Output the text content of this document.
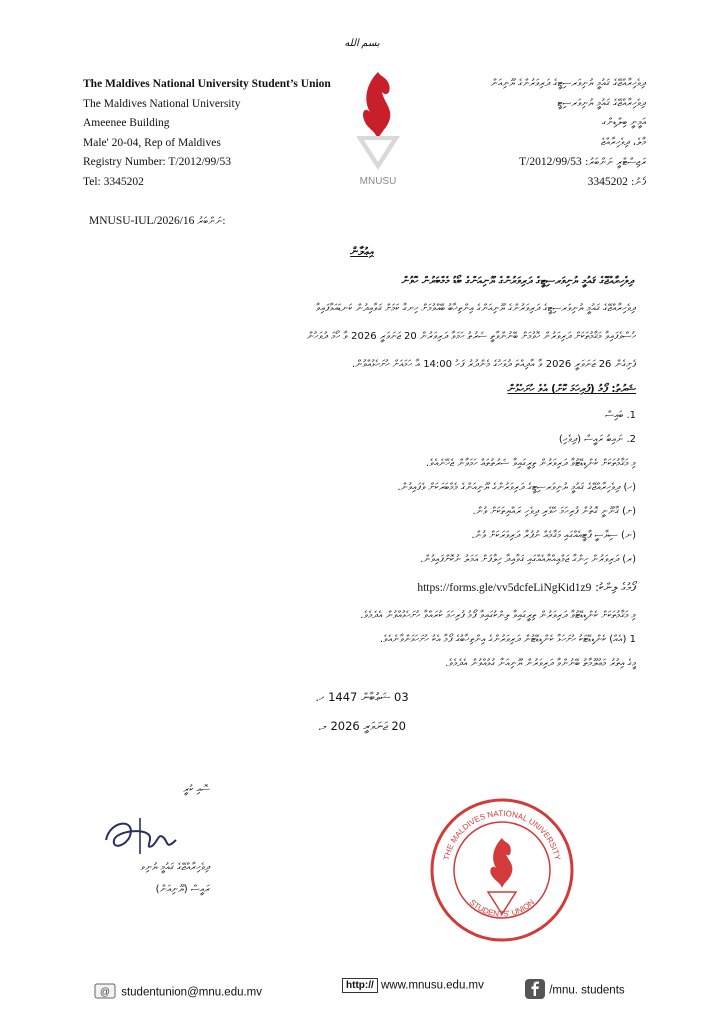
بسم الله
The Maldives National University Student’s Union
The Maldives National University
Ameenee Building
Male' 20-04, Rep of Maldives
Registry Number: T/2012/99/53
Tel: 3345202	MNUSU
ދިވެހިރާއްޖޭގެ ޤައުމީ ޔުނިވަރސިޓީގެ ދަރިވަރުންގެ ޔޫނިއަން
ދިވެހިރާއްޖޭގެ ޤައުމީ ޔުނިވަރސިޓީ
އަމީނީ ބިލްޑިންގ
މާލެ، ދިވެހިރާއްޖެ
ރަޖިސްޓްރީ ނަންބަރު: T/2012/99/53
ފޯނު: 3345202
MNUSU-IUL/2026/16 ނަންބަރު:
އިޢުލާން
ދިވެހިރާއްޖޭގެ ޤައުމީ ޔުނިވަރސިޓީގެ ދަރިވަރުންގެ ޔޫނިއަންގެ ބޯޑު މެމްބަރުން ހޮވުން
ދިވެހިރާއްޖޭގެ ޤައުމީ ޔުނިވަރސިޓީގެ ދަރިވަރުންގެ ޔޫނިއަންގެ އިންތިޚާބު ބޭއްވުމަށް ހިނގާ ކަމަށް ޤަވާއިދުން ކަނޑައަޅާފައިވާ
ހުސްވެފައިވާ މަޤާމުތަކަށް ދަރިވަރުން ހޮވުމަށް ބޭނުންވާތީ ޝަރުތު ހަމަވާ ދަރިވަރުން 20 ޖަނަވަރީ 2026 ވާ ހޯމަ ދުވަހުން
ފެށިގެން 26 ޖަނަވަރީ 2026 ވާ އާދިއްތަ ދުވަހުގެ މެންދުރު ފަހު 14:00 އާ ހަމައަށް ހުށަހެޅުއްވުން.
ޝަރުތު: ފޯމު (ފުރިހަމަ ކޮށް) އެވެ ހުށަހެޅުން
1. ބައިސް
2. ނައިބު ރައީސް (ދިވެހި)
މި މަޤާމުތަކަށް ކެންޑިޑޭޓުވާ ދަރިވަރުން ތިރީގައިވާ ޝަރުތުތައް ހަމަވާން ޖެހޭނެއެވެ.
(ހ) ދިވެހިރާއްޖޭގެ ޤައުމީ ޔުނިވަރސިޓީގެ ދަރިވަރުންގެ ޔޫނިއަންގެ މެމްބަރަކަށް ވެފައިވުން.
(ށ) ޤާނޫނީ ގޮތުން ފުރިހަމަ ހޭވެރި ދިވެހި ރައްޔިތަކަށް ވުން.
(ނ) ސިޔާސީ ޕާޓީއެއްގައި މަޤާމެއް ނުފުރާ ދަރިވަރަކަށް ވުން.
(ރ) ދަރިވަރުން ހިންގާ ޖަމްޢިއްޔާއެއްގައި ޤަވާއިދާ ޚިލާފަށް އަމަލު ނުކޮށްފައިވުން.
މި މަޤާމުތަކަށް ކެންޑިޑޭޓުވާ ދަރިވަރުން ތިރީގައިވާ ލިންކުގައިވާ ފޯމު ފުރިހަމަ ކުރައްވާ ހުށަހެޅުއްވުން އެދެމެވެ.
ފޯމުގެ ލިންކު: https://forms.gle/vv5dcfeLiNgKid1z9
1 (އެއް) ކެންޑިޑޭޓަކު ހުށަހަޅާ ކެންޑިޑޭޓުން ދަރިވަރުންގެ އިންތިޚާބުގެ ފޯމާ އެކު ހުށަހަޅަންވާނެއެވެ.
މީގެ އިތުރު މަޢުލޫމާތު ބޭނުންވާ ދަރިވަރުން ޔޫނިއަނާ ގުޅުއްވުން އެދެމެވެ.
03 ޝަޢުބާން 1447 ހ.
20 ޖަނަވަރީ 2026 މ.
ސޮއި ކުރީ
ދިވެހިރާއްޖޭގެ ޤައުމީ ޔުނިވ
ރައީސް (ޔޫނިއަން)
THE MALDIVES NATIONAL UNIVERSITY
STUDENTS' UNION
@ studentunion@mnu.edu.mv
http:// www.mnusu.edu.mv	/mnu. students
